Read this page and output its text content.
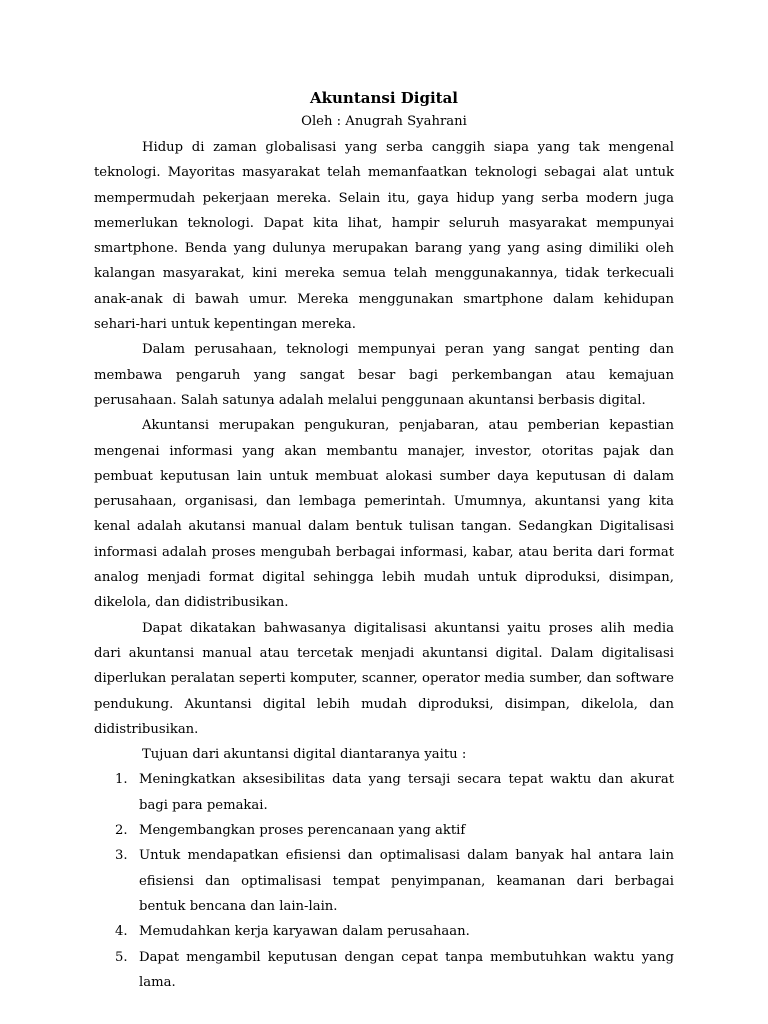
Akuntansi Digital

Oleh : Anugrah Syahrani

Hidup di zaman globalisasi yang serba canggih siapa yang tak mengenal teknologi. Mayoritas masyarakat telah memanfaatkan teknologi sebagai alat untuk mempermudah pekerjaan mereka. Selain itu, gaya hidup yang serba modern juga memerlukan teknologi. Dapat kita lihat, hampir seluruh masyarakat mempunyai smartphone. Benda yang dulunya merupakan barang yang yang asing dimiliki oleh kalangan masyarakat, kini mereka semua telah menggunakannya, tidak terkecuali anak-anak di bawah umur. Mereka menggunakan smartphone dalam kehidupan sehari-hari untuk kepentingan mereka.

Dalam perusahaan, teknologi mempunyai peran yang sangat penting dan membawa pengaruh yang sangat besar bagi perkembangan atau kemajuan perusahaan. Salah satunya adalah melalui penggunaan akuntansi berbasis digital.

Akuntansi merupakan pengukuran, penjabaran, atau pemberian kepastian mengenai informasi yang akan membantu manajer, investor, otoritas pajak dan pembuat keputusan lain untuk membuat alokasi sumber daya keputusan di dalam perusahaan, organisasi, dan lembaga pemerintah. Umumnya, akuntansi yang kita kenal adalah akutansi manual dalam bentuk tulisan tangan. Sedangkan Digitalisasi informasi adalah proses mengubah berbagai informasi, kabar, atau berita dari format analog menjadi format digital sehingga lebih mudah untuk diproduksi, disimpan, dikelola, dan didistribusikan.

Dapat dikatakan bahwasanya digitalisasi akuntansi yaitu proses alih media dari akuntansi manual atau tercetak menjadi akuntansi digital. Dalam digitalisasi diperlukan peralatan seperti komputer, scanner, operator media sumber, dan software pendukung. Akuntansi digital lebih mudah diproduksi, disimpan, dikelola, dan didistribusikan.

Tujuan dari akuntansi digital diantaranya yaitu :

1. Meningkatkan aksesibilitas data yang tersaji secara tepat waktu dan akurat bagi para pemakai.
2. Mengembangkan proses perencanaan yang aktif
3. Untuk mendapatkan efisiensi dan optimalisasi dalam banyak hal antara lain efisiensi dan optimalisasi tempat penyimpanan, keamanan dari berbagai bentuk bencana dan lain-lain.
4. Memudahkan kerja karyawan dalam perusahaan.
5. Dapat mengambil keputusan dengan cepat tanpa membutuhkan waktu yang lama.
